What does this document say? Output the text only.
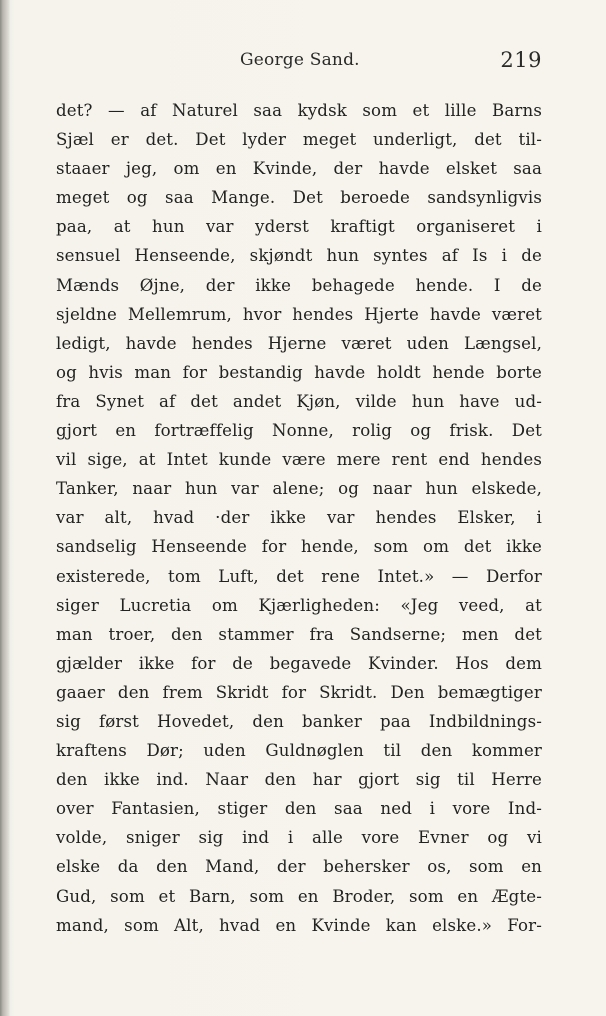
George Sand.	219
det? — af Naturel saa kydsk som et lille Barns
Sjæl er det. Det lyder meget underligt, det til-
staaer jeg, om en Kvinde, der havde elsket saa
meget og saa Mange. Det beroede sandsynligvis
paa, at hun var yderst kraftigt organiseret i
sensuel Henseende, skjøndt hun syntes af Is i de
Mænds Øjne, der ikke behagede hende. I de
sjeldne Mellemrum, hvor hendes Hjerte havde været
ledigt, havde hendes Hjerne været uden Længsel,
og hvis man for bestandig havde holdt hende borte
fra Synet af det andet Kjøn, vilde hun have ud-
gjort en fortræffelig Nonne, rolig og frisk. Det
vil sige, at Intet kunde være mere rent end hendes
Tanker, naar hun var alene; og naar hun elskede,
var alt, hvad ·der ikke var hendes Elsker, i
sandselig Henseende for hende, som om det ikke
existerede, tom Luft, det rene Intet.» — Derfor
siger Lucretia om Kjærligheden: «Jeg veed, at
man troer, den stammer fra Sandserne; men det
gjælder ikke for de begavede Kvinder. Hos dem
gaaer den frem Skridt for Skridt. Den bemægtiger
sig først Hovedet, den banker paa Indbildnings-
kraftens Dør; uden Guldnøglen til den kommer
den ikke ind. Naar den har gjort sig til Herre
over Fantasien, stiger den saa ned i vore Ind-
volde, sniger sig ind i alle vore Evner og vi
elske da den Mand, der behersker os, som en
Gud, som et Barn, som en Broder, som en Ægte-
mand, som Alt, hvad en Kvinde kan elske.» For-
